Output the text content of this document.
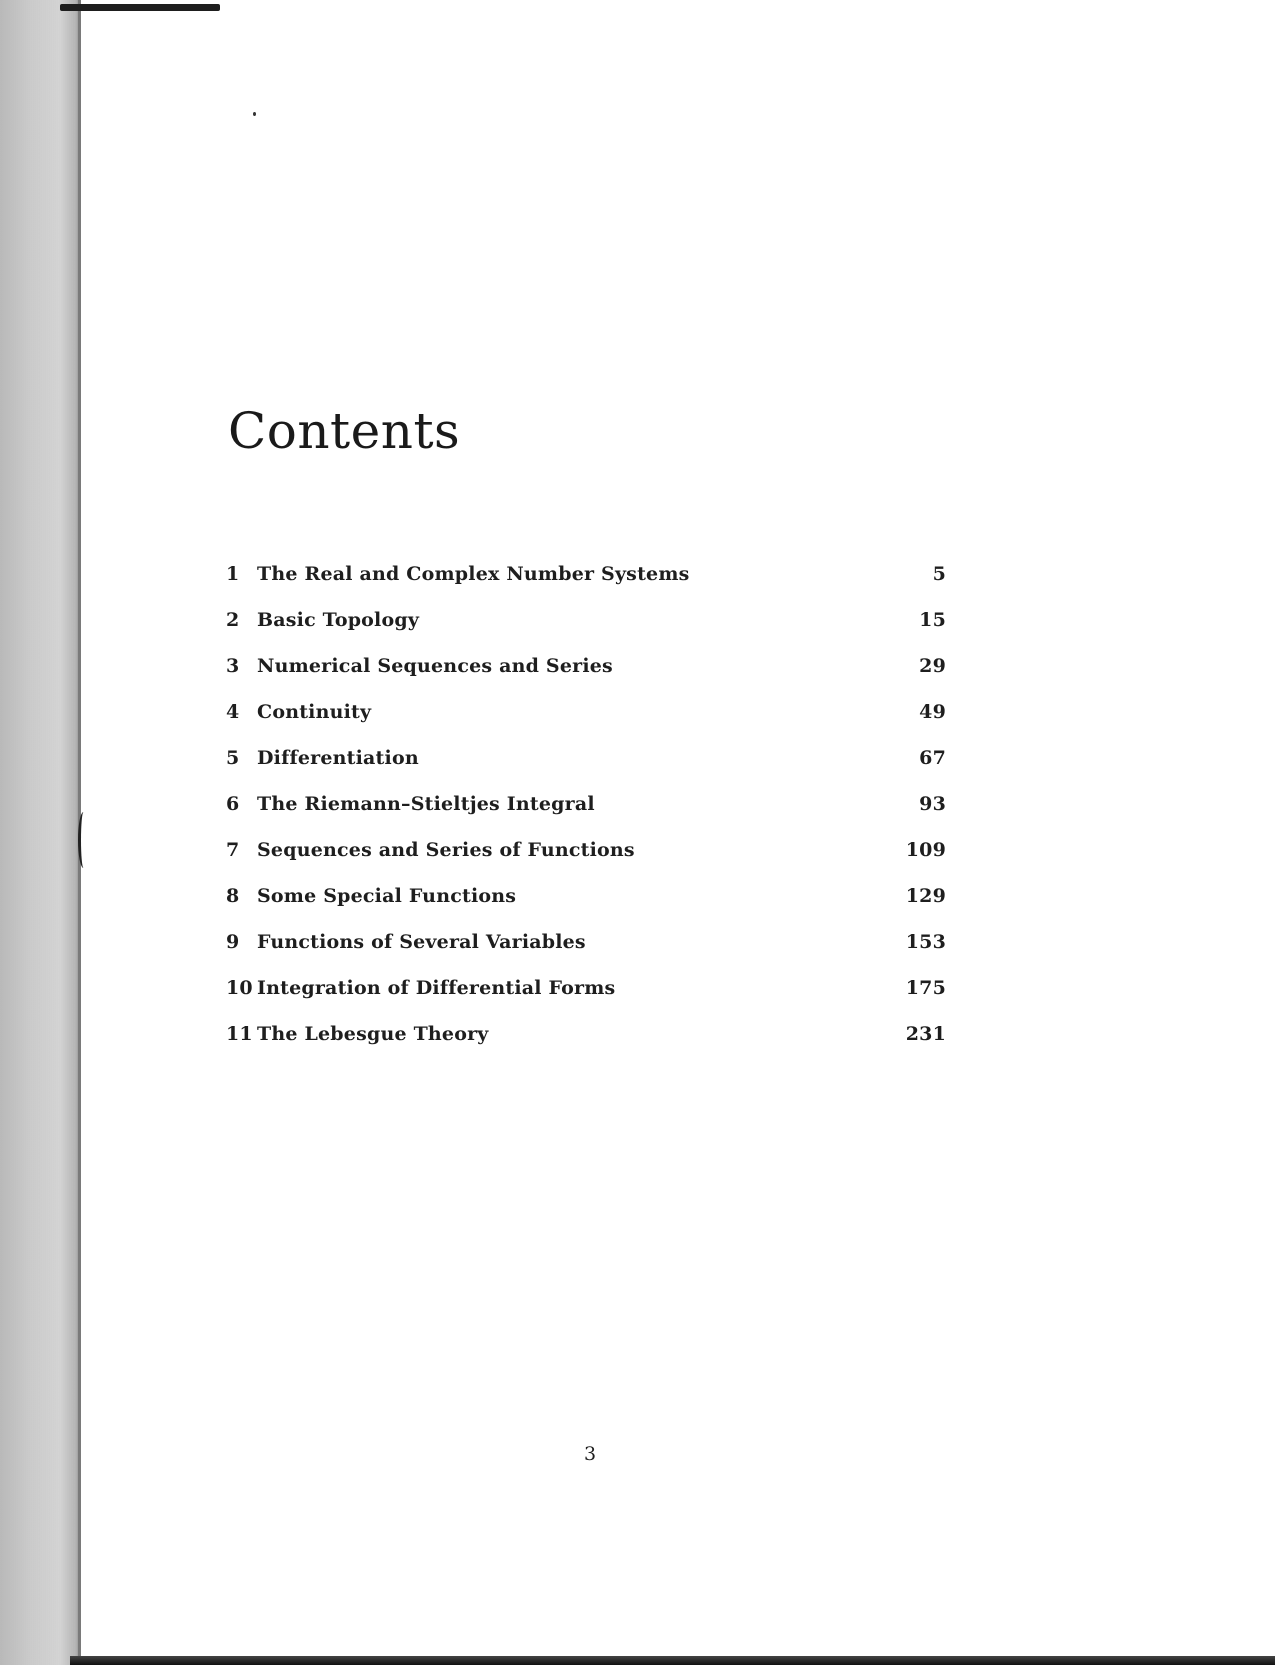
Contents
1 The Real and Complex Number Systems	5
2 Basic Topology	15
3 Numerical Sequences and Series	29
4 Continuity	49
5 Differentiation	67
6 The Riemann–Stieltjes Integral	93
7 Sequences and Series of Functions	109
8 Some Special Functions	129
9 Functions of Several Variables	153
10 Integration of Differential Forms	175
11 The Lebesgue Theory	231
3
